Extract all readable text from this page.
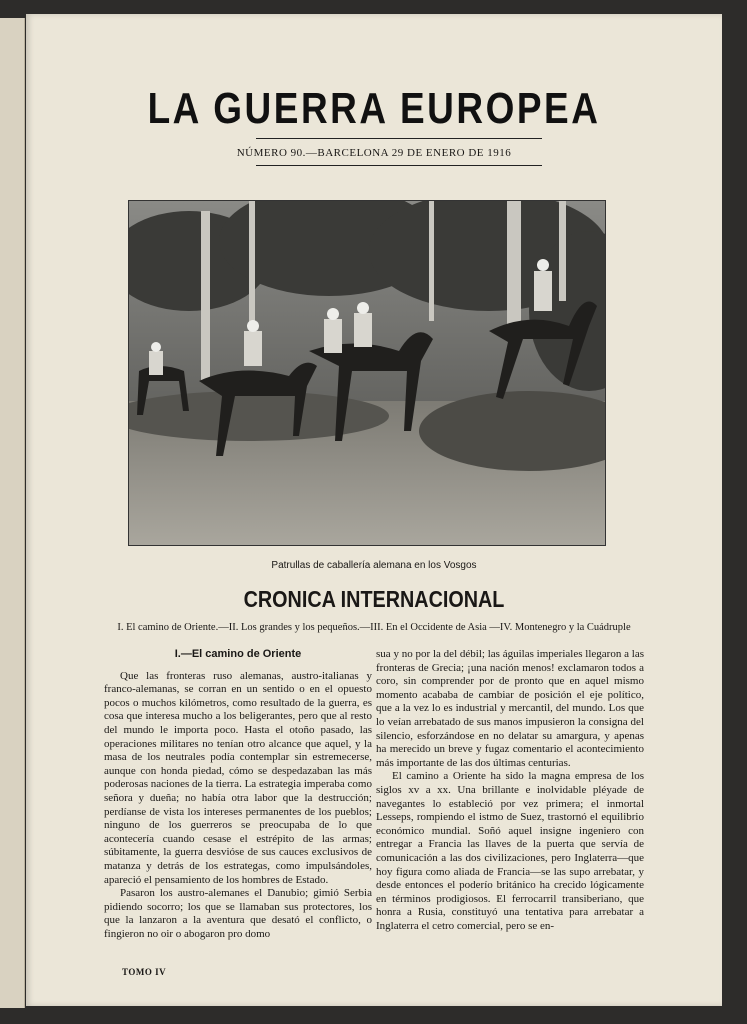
LA GUERRA EUROPEA
NÚMERO 90.—BARCELONA 29 DE ENERO DE 1916
Patrullas de caballería alemana en los Vosgos
CRONICA INTERNACIONAL
I. El camino de Oriente.—II. Los grandes y los pequeños.—III. En el Occidente de Asia —IV. Montenegro y la Cuádruple
I.—El camino de Oriente

Que las fronteras ruso alemanas, austro-italianas y franco-alemanas, se corran en un sentido o en el opuesto pocos o muchos kilómetros, como resultado de la guerra, es cosa que interesa mucho a los beligerantes, pero que al resto del mundo le importa poco. Hasta el otoño pasado, las operaciones militares no tenían otro alcance que aquel, y la masa de los neutrales podía contemplar sin estremecerse, aunque con honda piedad, cómo se despedazaban las más poderosas naciones de la tierra. La estrategia imperaba como señora y dueña; no había otra labor que la destrucción; perdíanse de vista los intereses permanentes de los pueblos; ninguno de los guerreros se preocupaba de lo que acontecería cuando cesase el estrépito de las armas; súbitamente, la guerra desvióse de sus cauces exclusivos de matanza y detrás de los estrategas, como impulsándoles, apareció el pensamiento de los hombres de Estado.

Pasaron los austro-alemanes el Danubio; gimió Serbia pidiendo socorro; los que se llamaban sus protectores, los que la lanzaron a la aventura que desató el conflicto, o fingieron no oir o abogaron pro domo

sua y no por la del débil; las águilas imperiales llegaron a las fronteras de Grecia; ¡una nación menos! exclamaron todos a coro, sin comprender por de pronto que en aquel mismo momento acababa de cambiar de posición el eje político, que a la vez lo es industrial y mercantil, del mundo. Los que lo veían arrebatado de sus manos impusieron la consigna del silencio, esforzándose en no delatar su amargura, y apenas ha merecido un breve y fugaz comentario el acontecimiento más importante de las dos últimas centurias.

El camino a Oriente ha sido la magna empresa de los siglos xv a xx. Una brillante e inolvidable pléyade de navegantes lo estableció por vez primera; el inmortal Lesseps, rompiendo el istmo de Suez, trastornó el equilibrio económico mundial. Soñó aquel insigne ingeniero con entregar a Francia las llaves de la puerta que servía de comunicación a las dos civilizaciones, pero Inglaterra—que hoy figura como aliada de Francia—se las supo arrebatar, y desde entonces el poderío británico ha crecido lógicamente en términos prodigiosos. El ferrocarril transiberiano, que honra a Rusia, constituyó una tentativa para arrebatar a Inglaterra el cetro comercial, pero se en-

TOMO IV
